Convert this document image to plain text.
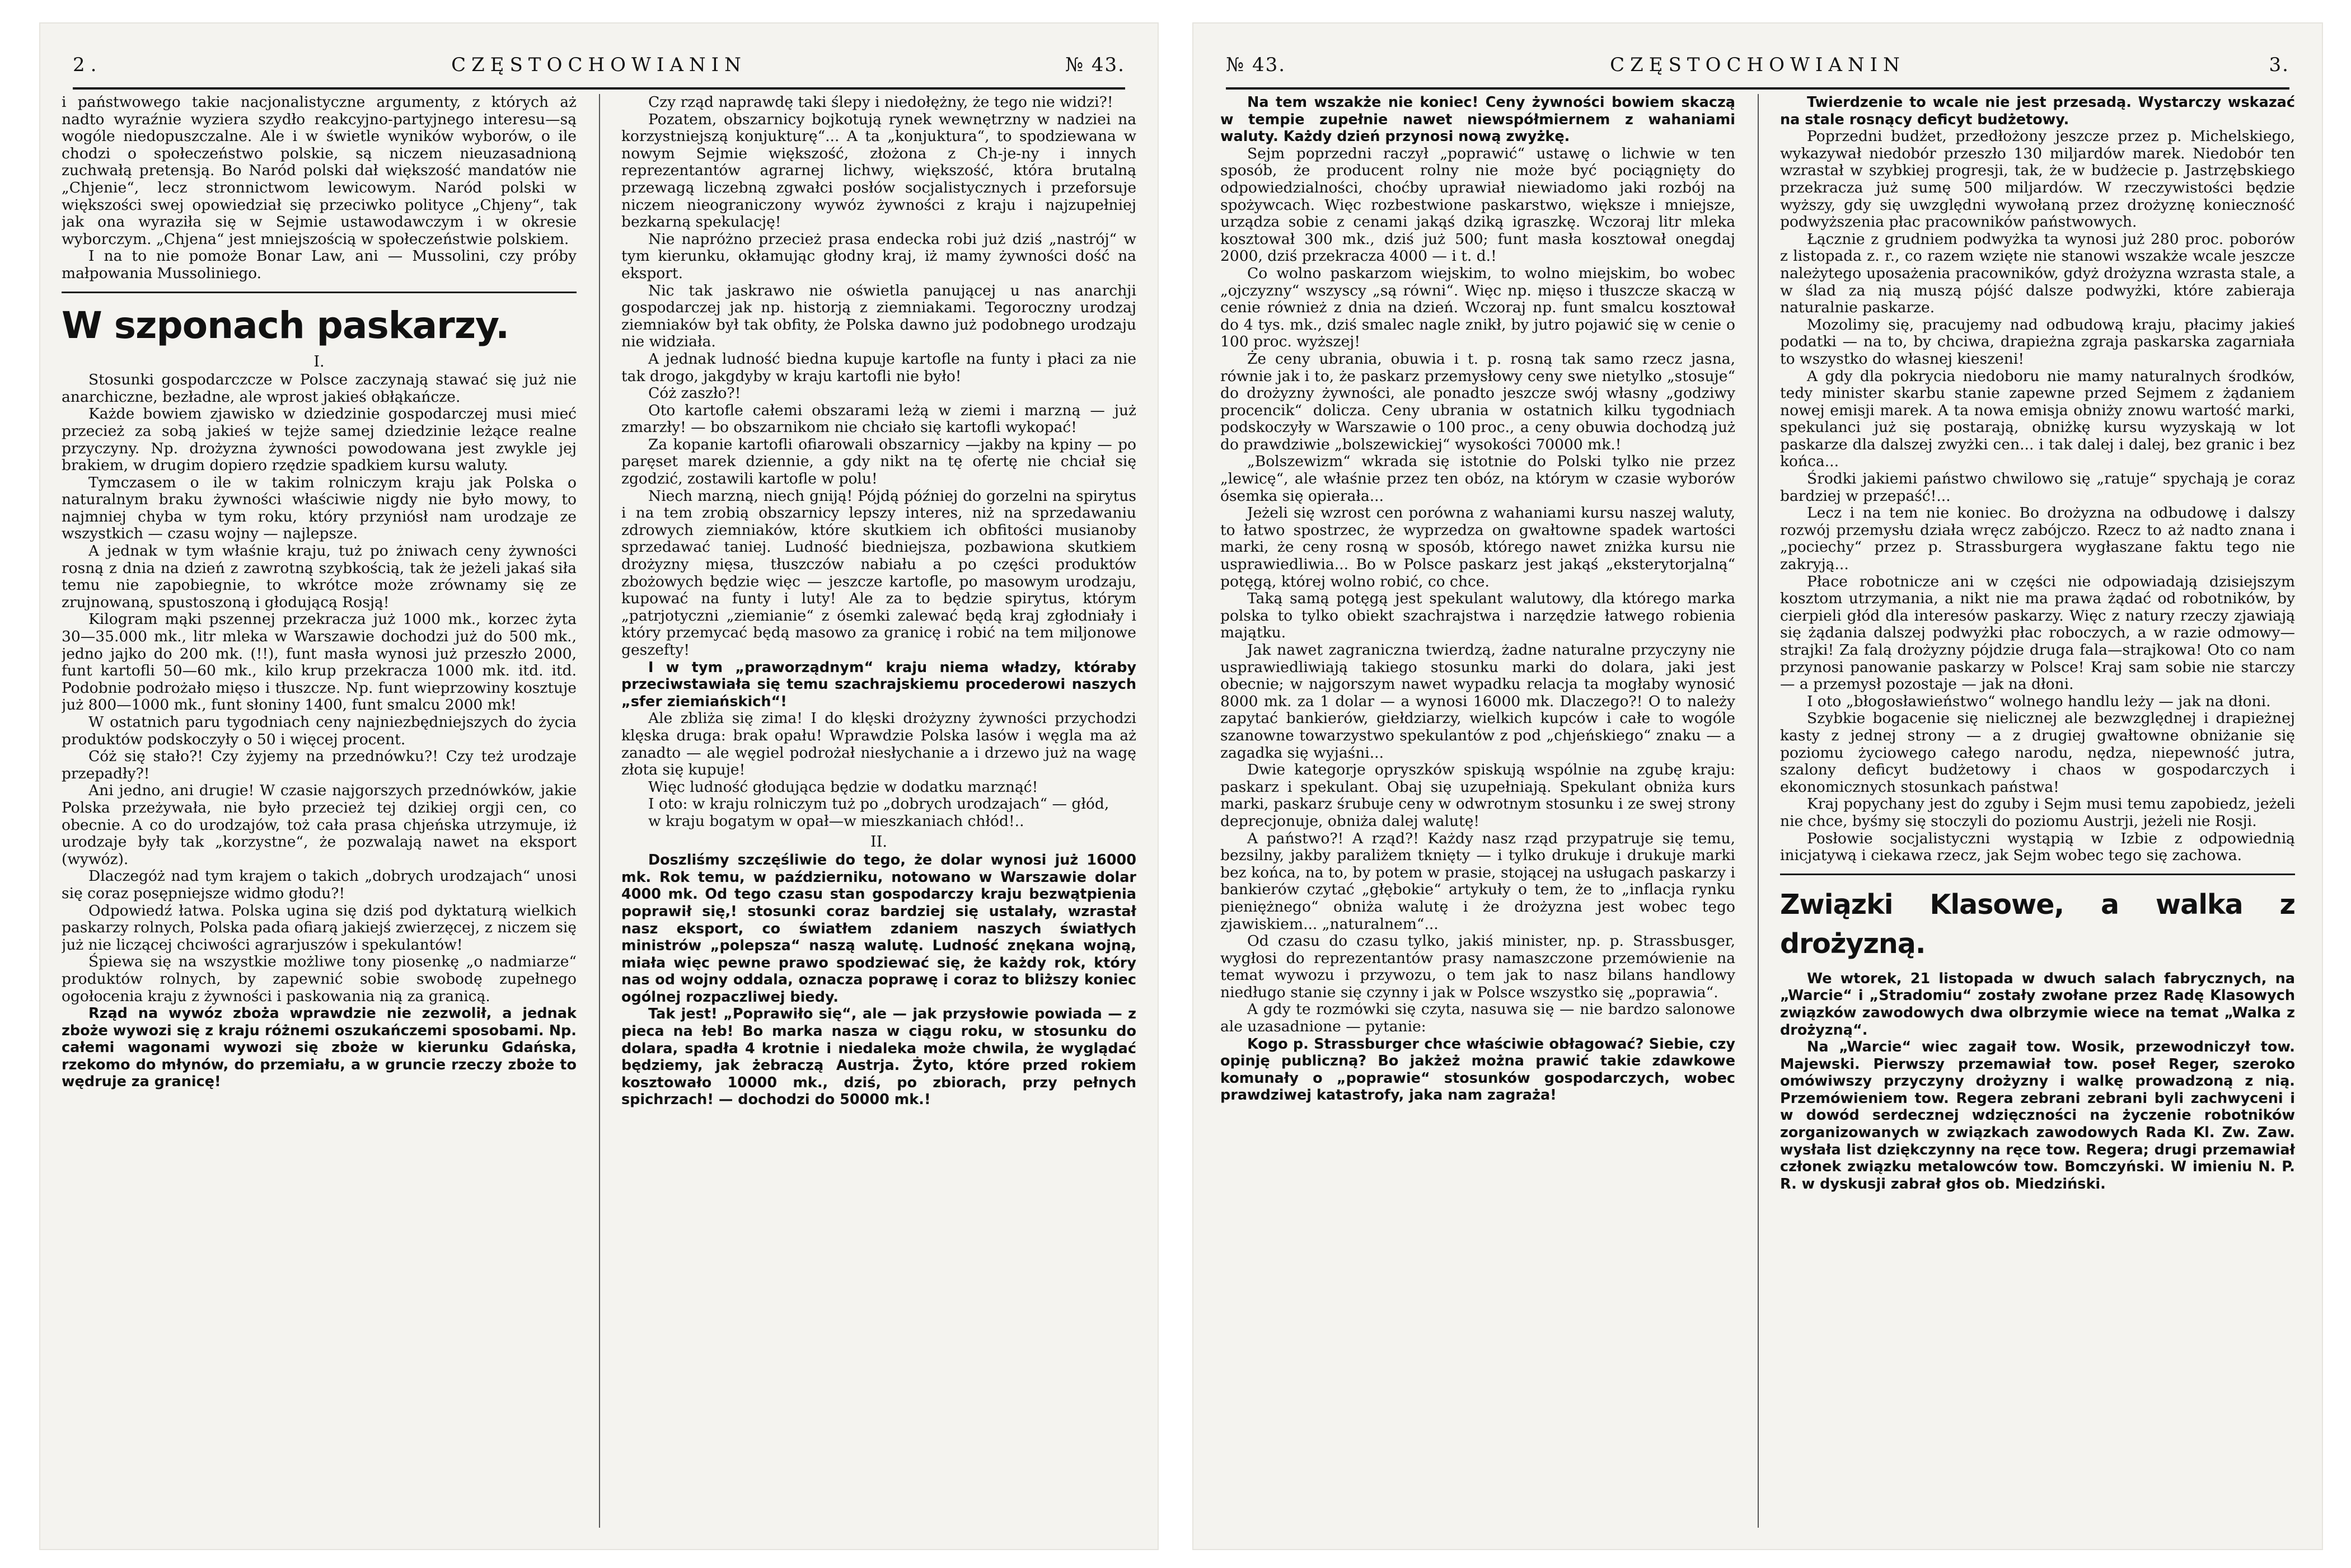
2.	CZĘSTOCHOWIANIN	№ 43.

i państwowego takie nacjonalistyczne argumenty, z których aż nadto wyraźnie wyziera szydło reakcyjno-partyjnego interesu—są wogóle niedopuszczalne. Ale i w świetle wyników wyborów, o ile chodzi o społeczeństwo polskie, są niczem nieuzasadnioną zuchwałą pretensją. Bo Naród polski dał większość mandatów nie „Chjenie“, lecz stronnictwom lewicowym. Naród polski w większości swej opowiedział się przeciwko polityce „Chjeny“, tak jak ona wyraziła się w Sejmie ustawodawczym i w okresie wyborczym. „Chjena“ jest mniejszością w społeczeństwie polskiem.

I na to nie pomoże Bonar Law, ani — Mussolini, czy próby małpowania Mussoliniego.

W szponach paskarzy.

I.

Stosunki gospodarczcze w Polsce zaczynają stawać się już nie anarchiczne, bezładne, ale wprost jakieś obłąkańcze.

Każde bowiem zjawisko w dziedzinie gospodarczej musi mieć przecież za sobą jakieś w tejże samej dziedzinie leżące realne przyczyny. Np. drożyzna żywności powodowana jest zwykle jej brakiem, w drugim dopiero rzędzie spadkiem kursu waluty.

Tymczasem o ile w takim rolniczym kraju jak Polska o naturalnym braku żywności właściwie nigdy nie było mowy, to najmniej chyba w tym roku, który przyniósł nam urodzaje ze wszystkich — czasu wojny — najlepsze.

A jednak w tym właśnie kraju, tuż po żniwach ceny żywności rosną z dnia na dzień z zawrotną szybkością, tak że jeżeli jakaś siła temu nie zapobiegnie, to wkrótce może zrównamy się ze zrujnowaną, spustoszoną i głodującą Rosją!

Kilogram mąki pszennej przekracza już 1000 mk., korzec żyta 30—35.000 mk., litr mleka w Warszawie dochodzi już do 500 mk., jedno jajko do 200 mk. (!!), funt masła wynosi już przeszło 2000, funt kartofli 50—60 mk., kilo krup przekracza 1000 mk. itd. itd. Podobnie podrożało mięso i tłuszcze. Np. funt wieprzowiny kosztuje już 800—1000 mk., funt słoniny 1400, funt smalcu 2000 mk!

W ostatnich paru tygodniach ceny najniezbędniejszych do życia produktów podskoczyły o 50 i więcej procent.

Cóż się stało?! Czy żyjemy na przednówku?! Czy też urodzaje przepadły?!

Ani jedno, ani drugie! W czasie najgorszych przednówków, jakie Polska przeżywała, nie było przecież tej dzikiej orgji cen, co obecnie. A co do urodzajów, toż cała prasa chjeńska utrzymuje, iż urodzaje były tak „korzystne“, że pozwalają nawet na eksport (wywóz).

Dlaczegóż nad tym krajem o takich „dobrych urodzajach“ unosi się coraz posępniejsze widmo głodu?!

Odpowiedź łatwa. Polska ugina się dziś pod dyktaturą wielkich paskarzy rolnych, Polska pada ofiarą jakiejś zwierzęcej, z niczem się już nie liczącej chciwości agrarjuszów i spekulantów!

Śpiewa się na wszystkie możliwe tony piosenkę „o nadmiarze“ produktów rolnych, by zapewnić sobie swobodę zupełnego ogołocenia kraju z żywności i paskowania nią za granicą.

Rząd na wywóz zboża wprawdzie nie zezwolił, a jednak zboże wywozi się z kraju różnemi oszukańczemi sposobami. Np. całemi wagonami wywozi się zboże w kierunku Gdańska, rzekomo do młynów, do przemiału, a w gruncie rzeczy zboże to wędruje za granicę!

Czy rząd naprawdę taki ślepy i niedołężny, że tego nie widzi?!

Pozatem, obszarnicy bojkotują rynek wewnętrzny w nadziei na korzystniejszą konjukturę“... A ta „konjuktura“, to spodziewana w nowym Sejmie większość, złożona z Ch-je-ny i innych reprezentantów agrarnej lichwy, większość, która brutalną przewagą liczebną zgwałci posłów socjalistycznych i przeforsuje niczem nieograniczony wywóz żywności z kraju i najzupełniej bezkarną spekulację!

Nie napróżno przecież prasa endecka robi już dziś „nastrój“ w tym kierunku, okłamując głodny kraj, iż mamy żywności dość na eksport.

Nic tak jaskrawo nie oświetla panującej u nas anarchji gospodarczej jak np. historją z ziemniakami. Tegoroczny urodzaj ziemniaków był tak obfity, że Polska dawno już podobnego urodzaju nie widziała.

A jednak ludność biedna kupuje kartofle na funty i płaci za nie tak drogo, jakgdyby w kraju kartofli nie było!

Cóż zaszło?!

Oto kartofle całemi obszarami leżą w ziemi i marzną — już zmarzły! — bo obszarnikom nie chciało się kartofli wykopać!

Za kopanie kartofli ofiarowali obszarnicy —jakby na kpiny — po paręset marek dziennie, a gdy nikt na tę ofertę nie chciał się zgodzić, zostawili kartofle w polu!

Niech marzną, niech gniją! Pójdą później do gorzelni na spirytus i na tem zrobią obszarnicy lepszy interes, niż na sprzedawaniu zdrowych ziemniaków, które skutkiem ich obfitości musianoby sprzedawać taniej. Ludność biedniejsza, pozbawiona skutkiem drożyzny mięsa, tłuszczów nabiału a po części produktów zbożowych będzie więc — jeszcze kartofle, po masowym urodzaju, kupować na funty i luty! Ale za to będzie spirytus, którym „patrjotyczni „ziemianie“ z ósemki zalewać będą kraj zgłodniały i który przemycać będą masowo za granicę i robić na tem miljonowe geszefty!

I w tym „praworządnym“ kraju niema władzy, któraby przeciwstawiała się temu szachrajskiemu procederowi naszych „sfer ziemiańskich“!

Ale zbliża się zima! I do klęski drożyzny żywności przychodzi klęska druga: brak opału! Wprawdzie Polska lasów i węgla ma aż zanadto — ale węgiel podrożał niesłychanie a i drzewo już na wagę złota się kupuje!

Więc ludność głodująca będzie w dodatku marznąć!

I oto: w kraju rolniczym tuż po „dobrych urodzajach“ — głód,

w kraju bogatym w opał—w mieszkaniach chłód!..

II.

Doszliśmy szczęśliwie do tego, że dolar wynosi już 16000 mk. Rok temu, w październiku, notowano w Warszawie dolar 4000 mk. Od tego czasu stan gospodarczy kraju bezwątpienia poprawił się,! stosunki coraz bardziej się ustalały, wzrastał nasz eksport, co światłem zdaniem naszych światłych ministrów „polepsza“ naszą walutę. Ludność znękana wojną, miała więc pewne prawo spodziewać się, że każdy rok, który nas od wojny oddala, oznacza poprawę i coraz to bliższy koniec ogólnej rozpaczliwej biedy.

Tak jest! „Poprawiło się“, ale — jak przysłowie powiada — z pieca na łeb! Bo marka nasza w ciągu roku, w stosunku do dolara, spadła 4 krotnie i niedaleka może chwila, że wyglądać będziemy, jak żebraczą Austrja. Żyto, które przed rokiem kosztowało 10000 mk., dziś, po zbiorach, przy pełnych spichrzach! — dochodzi do 50000 mk.!

№ 43.	CZĘSTOCHOWIANIN	3.

Na tem wszakże nie koniec! Ceny żywności bowiem skaczą w tempie zupełnie nawet niewspółmiernem z wahaniami waluty. Każdy dzień przynosi nową zwyżkę.

Sejm poprzedni raczył „poprawić“ ustawę o lichwie w ten sposób, że producent rolny nie może być pociągnięty do odpowiedzialności, choćby uprawiał niewiadomo jaki rozbój na spożywcach. Więc rozbestwione paskarstwo, większe i mniejsze, urządza sobie z cenami jakąś dziką igraszkę. Wczoraj litr mleka kosztował 300 mk., dziś już 500; funt masła kosztował onegdaj 2000, dziś przekracza 4000 — i t. d.!

Co wolno paskarzom wiejskim, to wolno miejskim, bo wobec „ojczyzny“ wszyscy „są równi“. Więc np. mięso i tłuszcze skaczą w cenie również z dnia na dzień. Wczoraj np. funt smalcu kosztował do 4 tys. mk., dziś smalec nagle znikł, by jutro pojawić się w cenie o 100 proc. wyższej!

Że ceny ubrania, obuwia i t. p. rosną tak samo rzecz jasna, równie jak i to, że paskarz przemysłowy ceny swe nietylko „stosuje“ do drożyzny żywności, ale ponadto jeszcze swój własny „godziwy procencik“ dolicza. Ceny ubrania w ostatnich kilku tygodniach podskoczyły w Warszawie o 100 proc., a ceny obuwia dochodzą już do prawdziwie „bolszewickiej“ wysokości 70000 mk.!

„Bolszewizm“ wkrada się istotnie do Polski tylko nie przez „lewicę“, ale właśnie przez ten obóz, na którym w czasie wyborów ósemka się opierała...

Jeżeli się wzrost cen porówna z wahaniami kursu naszej waluty, to łatwo spostrzec, że wyprzedza on gwałtowne spadek wartości marki, że ceny rosną w sposób, którego nawet zniżka kursu nie usprawiedliwia... Bo w Polsce paskarz jest jakąś „eksterytorjalną“ potęgą, której wolno robić, co chce.

Taką samą potęgą jest spekulant walutowy, dla którego marka polska to tylko obiekt szachrajstwa i narzędzie łatwego robienia majątku.

Jak nawet zagraniczna twierdzą, żadne naturalne przyczyny nie usprawiedliwiają takiego stosunku marki do dolara, jaki jest obecnie; w najgorszym nawet wypadku relacja ta mogłaby wynosić 8000 mk. za 1 dolar — a wynosi 16000 mk. Dlaczego?! O to należy zapytać bankierów, giełdziarzy, wielkich kupców i całe to wogóle szanowne towarzystwo spekulantów z pod „chjeńskiego“ znaku — a zagadka się wyjaśni...

Dwie kategorje opryszków spiskują wspólnie na zgubę kraju: paskarz i spekulant. Obaj się uzupełniają. Spekulant obniża kurs marki, paskarz śrubuje ceny w odwrotnym stosunku i ze swej strony deprecjonuje, obniża dalej walutę!

A państwo?! A rząd?! Każdy nasz rząd przypatruje się temu, bezsilny, jakby paraliżem tknięty — i tylko drukuje i drukuje marki bez końca, na to, by potem w prasie, stojącej na usługach paskarzy i bankierów czytać „głębokie“ artykuły o tem, że to „inflacja rynku pieniężnego“ obniża walutę i że drożyzna jest wobec tego zjawiskiem... „naturalnem“...

Od czasu do czasu tylko, jakiś minister, np. p. Strassbusger, wygłosi do reprezentantów prasy namaszczone przemówienie na temat wywozu i przywozu, o tem jak to nasz bilans handlowy niedługo stanie się czynny i jak w Polsce wszystko się „poprawia“.

A gdy te rozmówki się czyta, nasuwa się — nie bardzo salonowe ale uzasadnione — pytanie:

Kogo p. Strassburger chce właściwie obłagować? Siebie, czy opinję publiczną? Bo jakżeż można prawić takie zdawkowe komunały o „poprawie“ stosunków gospodarczych, wobec prawdziwej katastrofy, jaka nam zagraża!

Twierdzenie to wcale nie jest przesadą. Wystarczy wskazać na stale rosnący deficyt budżetowy.

Poprzedni budżet, przedłożony jeszcze przez p. Michelskiego, wykazywał niedobór przeszło 130 miljardów marek. Niedobór ten wzrastał w szybkiej progresji, tak, że w budżecie p. Jastrzębskiego przekracza już sumę 500 miljardów. W rzeczywistości będzie wyższy, gdy się uwzględni wywołaną przez drożyznę konieczność podwyższenia płac pracowników państwowych.

Łącznie z grudniem podwyżka ta wynosi już 280 proc. poborów z listopada z. r., co razem wzięte nie stanowi wszakże wcale jeszcze należytego uposażenia pracowników, gdyż drożyzna wzrasta stale, a w ślad za nią muszą pójść dalsze podwyżki, które zabieraja naturalnie paskarze.

Mozolimy się, pracujemy nad odbudową kraju, płacimy jakieś podatki — na to, by chciwa, drapieżna zgraja paskarska zagarniała to wszystko do własnej kieszeni!

A gdy dla pokrycia niedoboru nie mamy naturalnych środków, tedy minister skarbu stanie zapewne przed Sejmem z żądaniem nowej emisji marek. A ta nowa emisja obniży znowu wartość marki, spekulanci już się postarają, obniżkę kursu wyzyskają w lot paskarze dla dalszej zwyżki cen... i tak dalej i dalej, bez granic i bez końca...

Środki jakiemi państwo chwilowo się „ratuje“ spychają je coraz bardziej w przepaść!...

Lecz i na tem nie koniec. Bo drożyzna na odbudowę i dalszy rozwój przemysłu działa wręcz zabójczo. Rzecz to aż nadto znana i „pociechy“ przez p. Strassburgera wygłaszane faktu tego nie zakryją...

Płace robotnicze ani w części nie odpowiadają dzisiejszym kosztom utrzymania, a nikt nie ma prawa żądać od robotników, by cierpieli głód dla interesów paskarzy. Więc z natury rzeczy zjawiają się żądania dalszej podwyżki płac roboczych, a w razie odmowy—strajki! Za falą drożyzny pójdzie druga fala—strajkowa! Oto co nam przynosi panowanie paskarzy w Polsce! Kraj sam sobie nie starczy — a przemysł pozostaje — jak na dłoni.

I oto „błogosławieństwo“ wolnego handlu leży — jak na dłoni.

Szybkie bogacenie się nielicznej ale bezwzględnej i drapieżnej kasty z jednej strony — a z drugiej gwałtowne obniżanie się poziomu życiowego całego narodu, nędza, niepewność jutra, szalony deficyt budżetowy i chaos w gospodarczych i ekonomicznych stosunkach państwa!

Kraj popychany jest do zguby i Sejm musi temu zapobiedz, jeżeli nie chce, byśmy się stoczyli do poziomu Austrji, jeżeli nie Rosji.

Posłowie socjalistyczni wystąpią w Izbie z odpowiednią inicjatywą i ciekawa rzecz, jak Sejm wobec tego się zachowa.

Związki Klasowe, a walka z drożyzną.

We wtorek, 21 listopada w dwuch salach fabrycznych, na „Warcie“ i „Stradomiu“ zostały zwołane przez Radę Klasowych związków zawodowych dwa olbrzymie wiece na temat „Walka z drożyzną“.

Na „Warcie“ wiec zagaił tow. Wosik, przewodniczył tow. Majewski. Pierwszy przemawiał tow. poseł Reger, szeroko omówiwszy przyczyny drożyzny i walkę prowadzoną z nią. Przemówieniem tow. Regera zebrani zebrani byli zachwyceni i w dowód serdecznej wdzięczności na życzenie robotników zorganizowanych w związkach zawodowych Rada Kl. Zw. Zaw. wysłała list dziękczynny na ręce tow. Regera; drugi przemawiał członek związku metalowców tow. Bomczyński. W imieniu N. P. R. w dyskusji zabrał głos ob. Miedziński.
